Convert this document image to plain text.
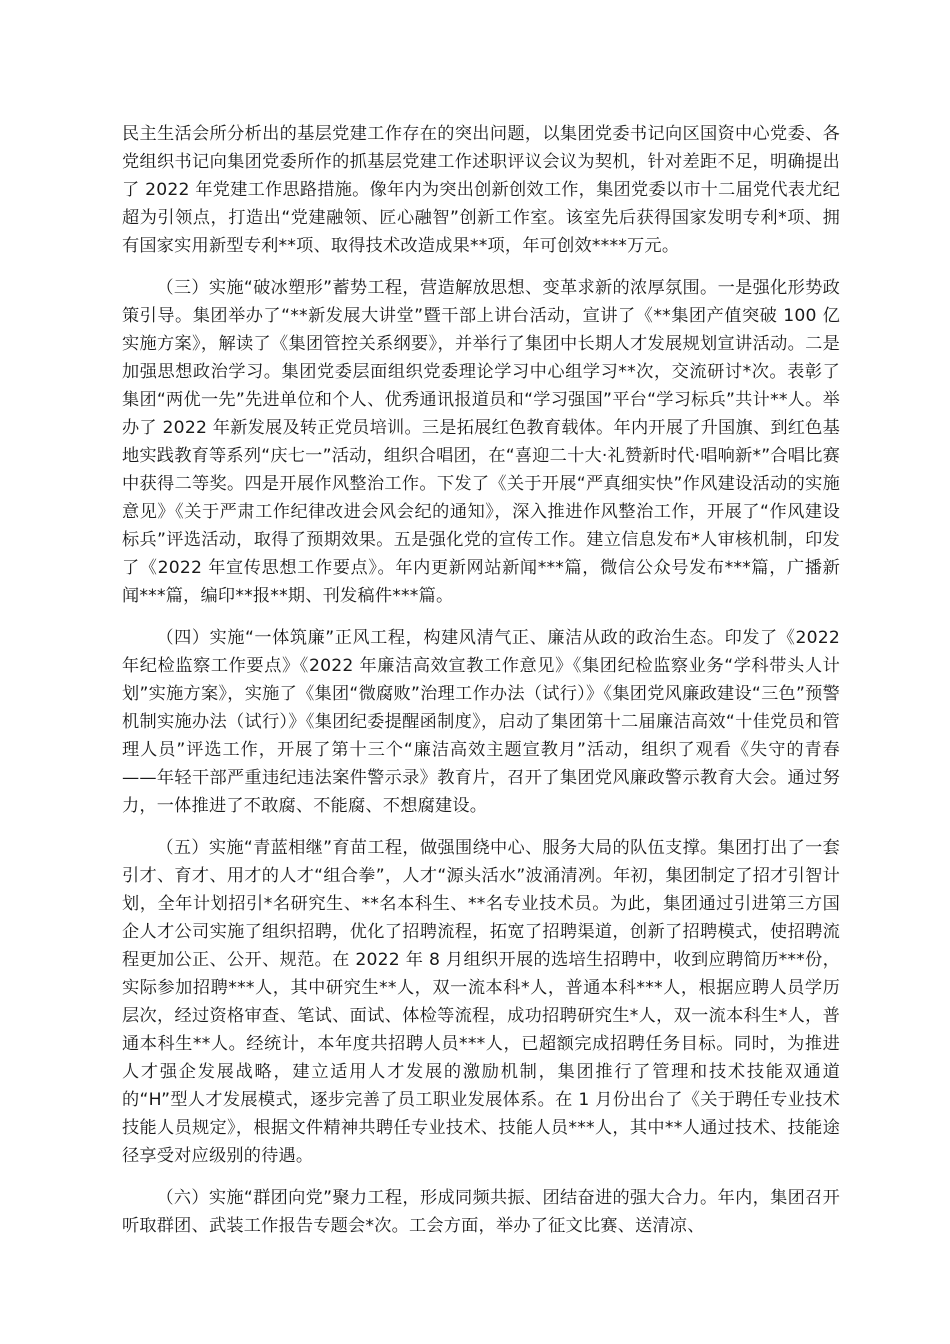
民主生活会所分析出的基层党建工作存在的突出问题，以集团党委书记向区国资中心党委、各党组织书记向集团党委所作的抓基层党建工作述职评议会议为契机，针对差距不足，明确提出了 2022 年党建工作思路措施。像年内为突出创新创效工作，集团党委以市十二届党代表尤纪超为引领点，打造出“党建融领、匠心融智”创新工作室。该室先后获得国家发明专利*项、拥有国家实用新型专利**项、取得技术改造成果**项，年可创效****万元。

（三）实施“破冰塑形”蓄势工程，营造解放思想、变革求新的浓厚氛围。一是强化形势政策引导。集团举办了“**新发展大讲堂”暨干部上讲台活动，宣讲了《**集团产值突破 100 亿实施方案》，解读了《集团管控关系纲要》，并举行了集团中长期人才发展规划宣讲活动。二是加强思想政治学习。集团党委层面组织党委理论学习中心组学习**次，交流研讨*次。表彰了集团“两优一先”先进单位和个人、优秀通讯报道员和“学习强国”平台“学习标兵”共计**人。举办了 2022 年新发展及转正党员培训。三是拓展红色教育载体。年内开展了升国旗、到红色基地实践教育等系列“庆七一”活动，组织合唱团，在“喜迎二十大·礼赞新时代·唱响新*”合唱比赛中获得二等奖。四是开展作风整治工作。下发了《关于开展“严真细实快”作风建设活动的实施意见》《关于严肃工作纪律改进会风会纪的通知》，深入推进作风整治工作，开展了“作风建设标兵”评选活动，取得了预期效果。五是强化党的宣传工作。建立信息发布*人审核机制，印发了《2022 年宣传思想工作要点》。年内更新网站新闻***篇，微信公众号发布***篇，广播新闻***篇，编印**报**期、刊发稿件***篇。

（四）实施“一体筑廉”正风工程，构建风清气正、廉洁从政的政治生态。印发了《2022 年纪检监察工作要点》《2022 年廉洁高效宣教工作意见》《集团纪检监察业务“学科带头人计划”实施方案》，实施了《集团“微腐败”治理工作办法（试行）》《集团党风廉政建设“三色”预警机制实施办法（试行）》《集团纪委提醒函制度》，启动了集团第十二届廉洁高效“十佳党员和管理人员”评选工作，开展了第十三个“廉洁高效主题宣教月”活动，组织了观看《失守的青春——年轻干部严重违纪违法案件警示录》教育片，召开了集团党风廉政警示教育大会。通过努力，一体推进了不敢腐、不能腐、不想腐建设。

（五）实施“青蓝相继”育苗工程，做强围绕中心、服务大局的队伍支撑。集团打出了一套引才、育才、用才的人才“组合拳”，人才“源头活水”波涌清冽。年初，集团制定了招才引智计划，全年计划招引*名研究生、**名本科生、**名专业技术员。为此，集团通过引进第三方国企人才公司实施了组织招聘，优化了招聘流程，拓宽了招聘渠道，创新了招聘模式，使招聘流程更加公正、公开、规范。在 2022 年 8 月组织开展的选培生招聘中，收到应聘简历***份，实际参加招聘***人，其中研究生**人，双一流本科*人，普通本科***人，根据应聘人员学历层次，经过资格审查、笔试、面试、体检等流程，成功招聘研究生*人，双一流本科生*人，普通本科生**人。经统计，本年度共招聘人员***人，已超额完成招聘任务目标。同时，为推进人才强企发展战略，建立适用人才发展的激励机制，集团推行了管理和技术技能双通道的“H”型人才发展模式，逐步完善了员工职业发展体系。在 1 月份出台了《关于聘任专业技术技能人员规定》，根据文件精神共聘任专业技术、技能人员***人，其中**人通过技术、技能途径享受对应级别的待遇。

（六）实施“群团向党”聚力工程，形成同频共振、团结奋进的强大合力。年内，集团召开听取群团、武装工作报告专题会*次。工会方面，举办了征文比赛、送清凉、
